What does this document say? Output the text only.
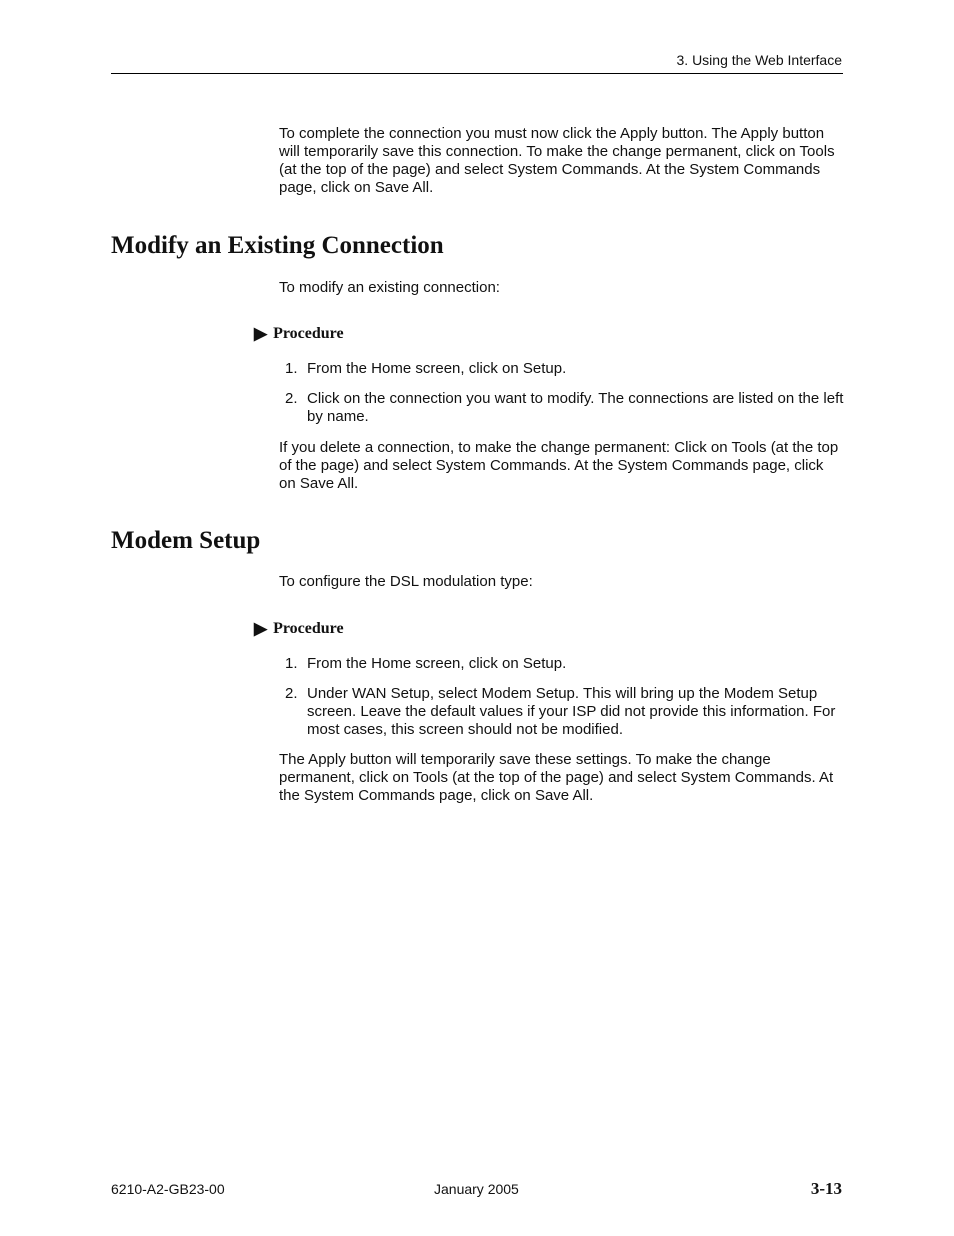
3. Using the Web Interface

To complete the connection you must now click the Apply button. The Apply button will temporarily save this connection. To make the change permanent, click on Tools (at the top of the page) and select System Commands. At the System Commands page, click on Save All.

Modify an Existing Connection

To modify an existing connection:

▶ Procedure
1. From the Home screen, click on Setup.
2. Click on the connection you want to modify. The connections are listed on the left by name.

If you delete a connection, to make the change permanent: Click on Tools (at the top of the page) and select System Commands. At the System Commands page, click on Save All.

Modem Setup

To configure the DSL modulation type:

▶ Procedure
1. From the Home screen, click on Setup.
2. Under WAN Setup, select Modem Setup. This will bring up the Modem Setup screen. Leave the default values if your ISP did not provide this information. For most cases, this screen should not be modified.

The Apply button will temporarily save these settings. To make the change permanent, click on Tools (at the top of the page) and select System Commands. At the System Commands page, click on Save All.

6210-A2-GB23-00	January 2005	3-13
